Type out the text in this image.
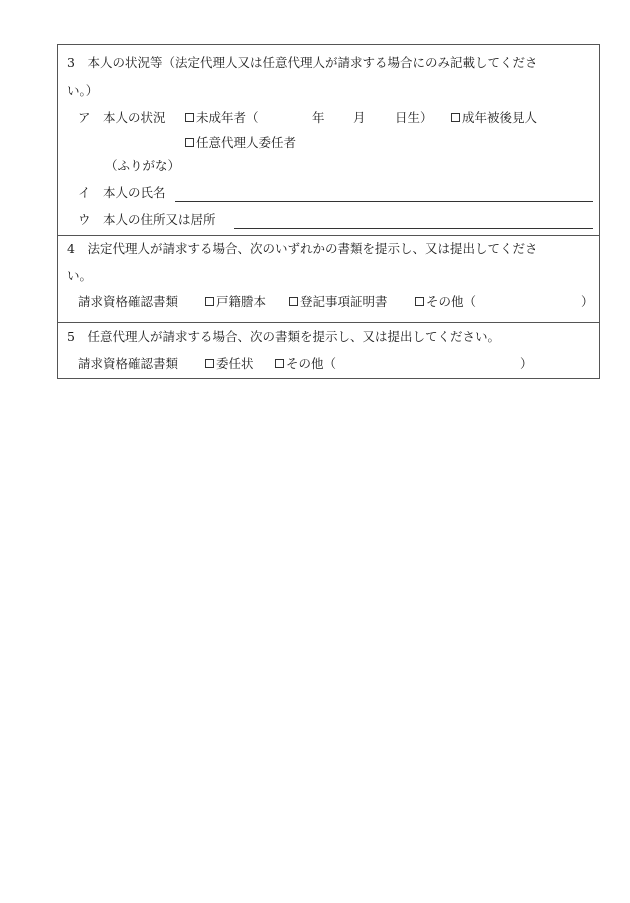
3　本人の状況等（法定代理人又は任意代理人が請求する場合にのみ記載してくださ
い。）
ア　本人の状況	未成年者（	年 月 日生）	成年被後見人
任意代理人委任者
（ふりがな）
イ　本人の氏名
ウ　本人の住所又は居所
4　法定代理人が請求する場合、次のいずれかの書類を提示し、又は提出してくださ
い。
請求資格確認書類	戸籍謄本	登記事項証明書	その他（	）
5　任意代理人が請求する場合、次の書類を提示し、又は提出してください。
請求資格確認書類	委任状	その他（	）
